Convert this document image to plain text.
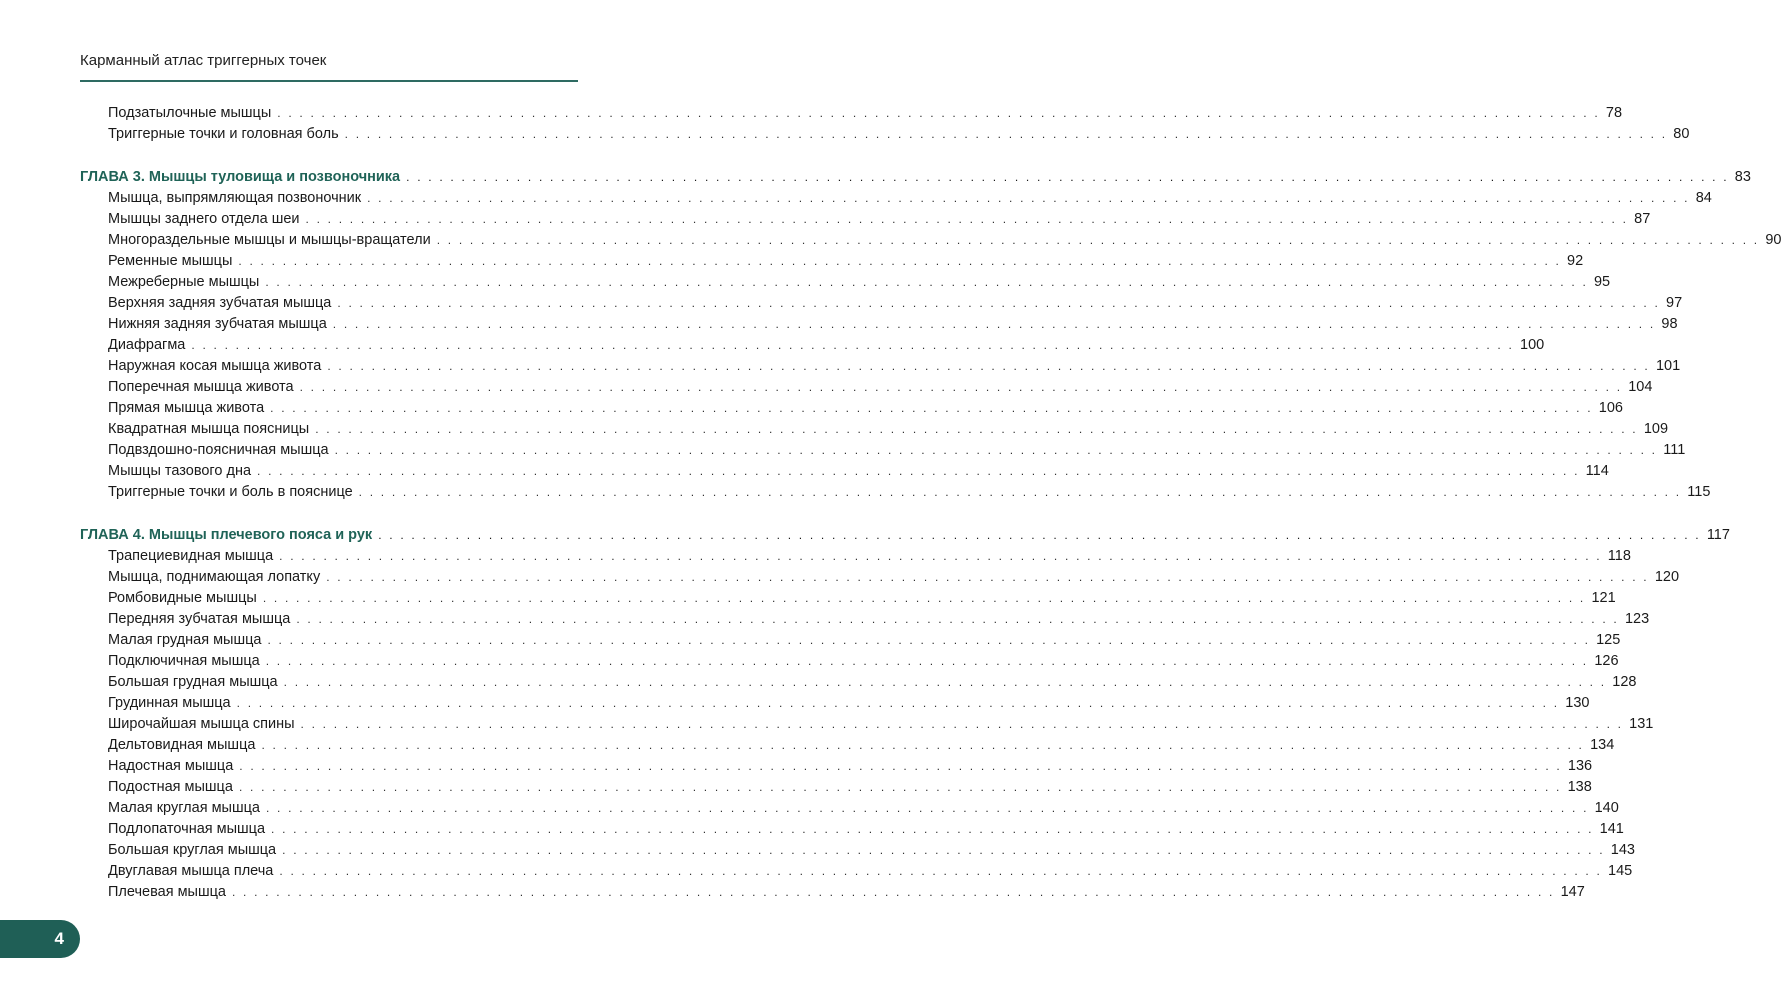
Карманный атлас триггерных точек
Подзатылочные мышцы . . . . . . . . . . . . . . . . . . . . . . . . . . . . . . . . . . . . . . . . . . . . . . . . . . . . . . . . . . . . . . . . . . . . . . . . . . . . . . . . . . . . . . . . . . . . . . . . . . . . . . . . . . . . . . . . . . . . . . . . 78
Триггерные точки и головная боль . . . . . . . . . . . . . . . . . . . . . . . . . . . . . . . . . . . . . . . . . . . . . . . . . . . . . . . . . . . . . . . . . . . . . . . . . . . . . . . . . . . . . . . . . . . . . . . . . . . . . . . . . . . . . . . . . . . . . . . . 80
ГЛАВА 3. Мышцы туловища и позвоночника . . . . . . . . . . . . . . . . . . . . . . . . . . . . . . . . . . . . . . . . . . . . . . . . . . . . . . . . . . . . . . . . . . . . . . . . . . . . . . . . . . . . . . . . . . . . . . . . . . . . . . . . . . . . . . . . . . . . . . . . 83
Мышца, выпрямляющая позвоночник . . . . . . . . . . . . . . . . . . . . . . . . . . . . . . . . . . . . . . . . . . . . . . . . . . . . . . . . . . . . . . . . . . . . . . . . . . . . . . . . . . . . . . . . . . . . . . . . . . . . . . . . . . . . . . . . . . . . . . . . 84
Мышцы заднего отдела шеи . . . . . . . . . . . . . . . . . . . . . . . . . . . . . . . . . . . . . . . . . . . . . . . . . . . . . . . . . . . . . . . . . . . . . . . . . . . . . . . . . . . . . . . . . . . . . . . . . . . . . . . . . . . . . . . . . . . . . . . . 87
Многораздельные мышцы и мышцы-вращатели . . . . . . . . . . . . . . . . . . . . . . . . . . . . . . . . . . . . . . . . . . . . . . . . . . . . . . . . . . . . . . . . . . . . . . . . . . . . . . . . . . . . . . . . . . . . . . . . . . . . . . . . . . . . . . . . . . . . . . . . 90
Ременные мышцы . . . . . . . . . . . . . . . . . . . . . . . . . . . . . . . . . . . . . . . . . . . . . . . . . . . . . . . . . . . . . . . . . . . . . . . . . . . . . . . . . . . . . . . . . . . . . . . . . . . . . . . . . . . . . . . . . . . . . . . . 92
Межреберные мышцы . . . . . . . . . . . . . . . . . . . . . . . . . . . . . . . . . . . . . . . . . . . . . . . . . . . . . . . . . . . . . . . . . . . . . . . . . . . . . . . . . . . . . . . . . . . . . . . . . . . . . . . . . . . . . . . . . . . . . . . . 95
Верхняя задняя зубчатая мышца . . . . . . . . . . . . . . . . . . . . . . . . . . . . . . . . . . . . . . . . . . . . . . . . . . . . . . . . . . . . . . . . . . . . . . . . . . . . . . . . . . . . . . . . . . . . . . . . . . . . . . . . . . . . . . . . . . . . . . . . 97
Нижняя задняя зубчатая мышца . . . . . . . . . . . . . . . . . . . . . . . . . . . . . . . . . . . . . . . . . . . . . . . . . . . . . . . . . . . . . . . . . . . . . . . . . . . . . . . . . . . . . . . . . . . . . . . . . . . . . . . . . . . . . . . . . . . . . . . . 98
Диафрагма . . . . . . . . . . . . . . . . . . . . . . . . . . . . . . . . . . . . . . . . . . . . . . . . . . . . . . . . . . . . . . . . . . . . . . . . . . . . . . . . . . . . . . . . . . . . . . . . . . . . . . . . . . . . . . . . . . . . . . . . 100
Наружная косая мышца живота . . . . . . . . . . . . . . . . . . . . . . . . . . . . . . . . . . . . . . . . . . . . . . . . . . . . . . . . . . . . . . . . . . . . . . . . . . . . . . . . . . . . . . . . . . . . . . . . . . . . . . . . . . . . . . . . . . . . . . . . 101
Поперечная мышца живота . . . . . . . . . . . . . . . . . . . . . . . . . . . . . . . . . . . . . . . . . . . . . . . . . . . . . . . . . . . . . . . . . . . . . . . . . . . . . . . . . . . . . . . . . . . . . . . . . . . . . . . . . . . . . . . . . . . . . . . . 104
Прямая мышца живота . . . . . . . . . . . . . . . . . . . . . . . . . . . . . . . . . . . . . . . . . . . . . . . . . . . . . . . . . . . . . . . . . . . . . . . . . . . . . . . . . . . . . . . . . . . . . . . . . . . . . . . . . . . . . . . . . . . . . . . . 106
Квадратная мышца поясницы . . . . . . . . . . . . . . . . . . . . . . . . . . . . . . . . . . . . . . . . . . . . . . . . . . . . . . . . . . . . . . . . . . . . . . . . . . . . . . . . . . . . . . . . . . . . . . . . . . . . . . . . . . . . . . . . . . . . . . . . 109
Подвздошно-поясничная мышца . . . . . . . . . . . . . . . . . . . . . . . . . . . . . . . . . . . . . . . . . . . . . . . . . . . . . . . . . . . . . . . . . . . . . . . . . . . . . . . . . . . . . . . . . . . . . . . . . . . . . . . . . . . . . . . . . . . . . . . . 111
Мышцы тазового дна . . . . . . . . . . . . . . . . . . . . . . . . . . . . . . . . . . . . . . . . . . . . . . . . . . . . . . . . . . . . . . . . . . . . . . . . . . . . . . . . . . . . . . . . . . . . . . . . . . . . . . . . . . . . . . . . . . . . . . . . 114
Триггерные точки и боль в пояснице . . . . . . . . . . . . . . . . . . . . . . . . . . . . . . . . . . . . . . . . . . . . . . . . . . . . . . . . . . . . . . . . . . . . . . . . . . . . . . . . . . . . . . . . . . . . . . . . . . . . . . . . . . . . . . . . . . . . . . . . 115
ГЛАВА 4. Мышцы плечевого пояса и рук . . . . . . . . . . . . . . . . . . . . . . . . . . . . . . . . . . . . . . . . . . . . . . . . . . . . . . . . . . . . . . . . . . . . . . . . . . . . . . . . . . . . . . . . . . . . . . . . . . . . . . . . . . . . . . . . . . . . . . . . 117
Трапециевидная мышца . . . . . . . . . . . . . . . . . . . . . . . . . . . . . . . . . . . . . . . . . . . . . . . . . . . . . . . . . . . . . . . . . . . . . . . . . . . . . . . . . . . . . . . . . . . . . . . . . . . . . . . . . . . . . . . . . . . . . . . . 118
Мышца, поднимающая лопатку . . . . . . . . . . . . . . . . . . . . . . . . . . . . . . . . . . . . . . . . . . . . . . . . . . . . . . . . . . . . . . . . . . . . . . . . . . . . . . . . . . . . . . . . . . . . . . . . . . . . . . . . . . . . . . . . . . . . . . . . 120
Ромбовидные мышцы . . . . . . . . . . . . . . . . . . . . . . . . . . . . . . . . . . . . . . . . . . . . . . . . . . . . . . . . . . . . . . . . . . . . . . . . . . . . . . . . . . . . . . . . . . . . . . . . . . . . . . . . . . . . . . . . . . . . . . . . 121
Передняя зубчатая мышца . . . . . . . . . . . . . . . . . . . . . . . . . . . . . . . . . . . . . . . . . . . . . . . . . . . . . . . . . . . . . . . . . . . . . . . . . . . . . . . . . . . . . . . . . . . . . . . . . . . . . . . . . . . . . . . . . . . . . . . . 123
Малая грудная мышца . . . . . . . . . . . . . . . . . . . . . . . . . . . . . . . . . . . . . . . . . . . . . . . . . . . . . . . . . . . . . . . . . . . . . . . . . . . . . . . . . . . . . . . . . . . . . . . . . . . . . . . . . . . . . . . . . . . . . . . . 125
Подключичная мышца . . . . . . . . . . . . . . . . . . . . . . . . . . . . . . . . . . . . . . . . . . . . . . . . . . . . . . . . . . . . . . . . . . . . . . . . . . . . . . . . . . . . . . . . . . . . . . . . . . . . . . . . . . . . . . . . . . . . . . . . 126
Большая грудная мышца . . . . . . . . . . . . . . . . . . . . . . . . . . . . . . . . . . . . . . . . . . . . . . . . . . . . . . . . . . . . . . . . . . . . . . . . . . . . . . . . . . . . . . . . . . . . . . . . . . . . . . . . . . . . . . . . . . . . . . . . 128
Грудинная мышца . . . . . . . . . . . . . . . . . . . . . . . . . . . . . . . . . . . . . . . . . . . . . . . . . . . . . . . . . . . . . . . . . . . . . . . . . . . . . . . . . . . . . . . . . . . . . . . . . . . . . . . . . . . . . . . . . . . . . . . . 130
Широчайшая мышца спины . . . . . . . . . . . . . . . . . . . . . . . . . . . . . . . . . . . . . . . . . . . . . . . . . . . . . . . . . . . . . . . . . . . . . . . . . . . . . . . . . . . . . . . . . . . . . . . . . . . . . . . . . . . . . . . . . . . . . . . . 131
Дельтовидная мышца . . . . . . . . . . . . . . . . . . . . . . . . . . . . . . . . . . . . . . . . . . . . . . . . . . . . . . . . . . . . . . . . . . . . . . . . . . . . . . . . . . . . . . . . . . . . . . . . . . . . . . . . . . . . . . . . . . . . . . . . 134
Надостная мышца . . . . . . . . . . . . . . . . . . . . . . . . . . . . . . . . . . . . . . . . . . . . . . . . . . . . . . . . . . . . . . . . . . . . . . . . . . . . . . . . . . . . . . . . . . . . . . . . . . . . . . . . . . . . . . . . . . . . . . . . 136
Подостная мышца . . . . . . . . . . . . . . . . . . . . . . . . . . . . . . . . . . . . . . . . . . . . . . . . . . . . . . . . . . . . . . . . . . . . . . . . . . . . . . . . . . . . . . . . . . . . . . . . . . . . . . . . . . . . . . . . . . . . . . . . 138
Малая круглая мышца . . . . . . . . . . . . . . . . . . . . . . . . . . . . . . . . . . . . . . . . . . . . . . . . . . . . . . . . . . . . . . . . . . . . . . . . . . . . . . . . . . . . . . . . . . . . . . . . . . . . . . . . . . . . . . . . . . . . . . . . 140
Подлопаточная мышца . . . . . . . . . . . . . . . . . . . . . . . . . . . . . . . . . . . . . . . . . . . . . . . . . . . . . . . . . . . . . . . . . . . . . . . . . . . . . . . . . . . . . . . . . . . . . . . . . . . . . . . . . . . . . . . . . . . . . . . . 141
Большая круглая мышца . . . . . . . . . . . . . . . . . . . . . . . . . . . . . . . . . . . . . . . . . . . . . . . . . . . . . . . . . . . . . . . . . . . . . . . . . . . . . . . . . . . . . . . . . . . . . . . . . . . . . . . . . . . . . . . . . . . . . . . . 143
Двуглавая мышца плеча . . . . . . . . . . . . . . . . . . . . . . . . . . . . . . . . . . . . . . . . . . . . . . . . . . . . . . . . . . . . . . . . . . . . . . . . . . . . . . . . . . . . . . . . . . . . . . . . . . . . . . . . . . . . . . . . . . . . . . . . 145
Плечевая мышца . . . . . . . . . . . . . . . . . . . . . . . . . . . . . . . . . . . . . . . . . . . . . . . . . . . . . . . . . . . . . . . . . . . . . . . . . . . . . . . . . . . . . . . . . . . . . . . . . . . . . . . . . . . . . . . . . . . . . . . . 147
4
